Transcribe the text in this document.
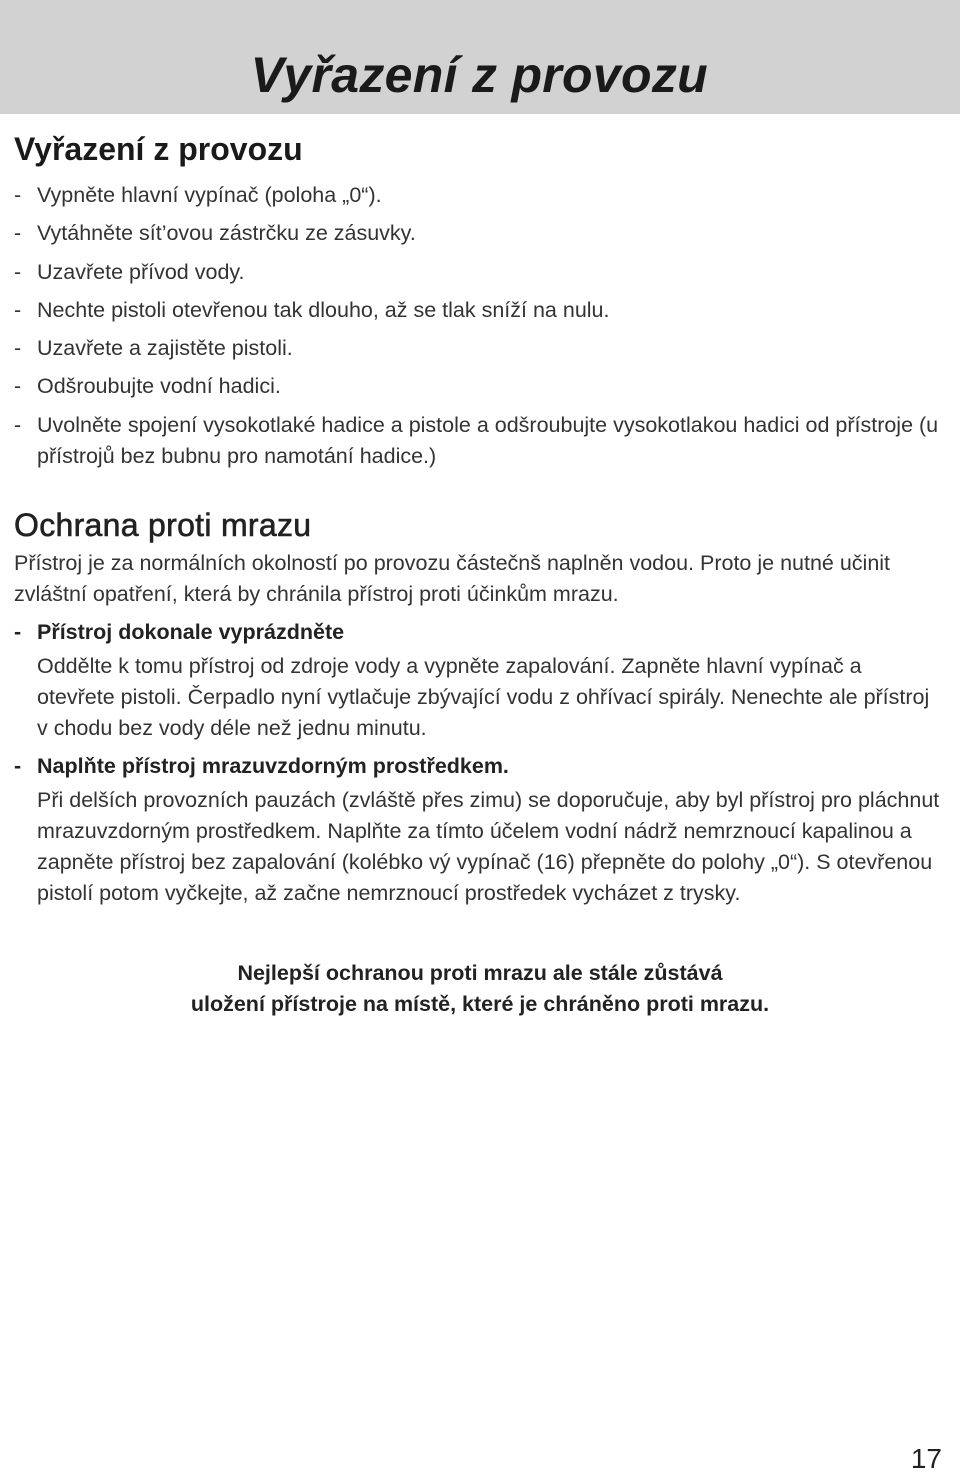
Vyřazení z provozu
Vyřazení z provozu
- Vypněte hlavní vypínač (poloha „0“).
- Vytáhněte sít’ovou zástrčku ze zásuvky.
- Uzavřete přívod vody.
- Nechte pistoli otevřenou tak dlouho, až se tlak sníží na nulu.
- Uzavřete a zajistěte pistoli.
- Odšroubujte vodní hadici.
- Uvolněte spojení vysokotlaké hadice a pistole a odšroubujte vysokotlakou hadici od přístroje (u přístrojů bez bubnu pro namotání hadice.)
Ochrana proti mrazu

Přístroj je za normálních okolností po provozu částečnš naplněn vodou. Proto je nutné učinit zvláštní opatření, která by chránila přístroj proti účinkům mrazu.

- Přístroj dokonale vyprázdněte

Oddělte k tomu přístroj od zdroje vody a vypněte zapalování. Zapněte hlavní vypínač a otevřete pistoli. Čerpadlo nyní vytlačuje zbývající vodu z ohřívací spirály. Nenechte ale přístroj v chodu bez vody déle než jednu minutu.

- Naplňte přístroj mrazuvzdorným prostředkem.

Při delších provozních pauzách (zvláště přes zimu) se doporučuje, aby byl přístroj pro pláchnut mrazuvzdorným prostředkem. Naplňte za tímto účelem vodní nádrž nemrznoucí kapalinou a zapněte přístroj bez zapalování (kolébko vý vypínač (16) přepněte do polohy „0“). S otevřenou pistolí potom vyčkejte, až začne nemrznoucí prostředek vycházet z trysky.

Nejlepší ochranou proti mrazu ale stále zůstává
uložení přístroje na místě, které je chráněno proti mrazu.
17
